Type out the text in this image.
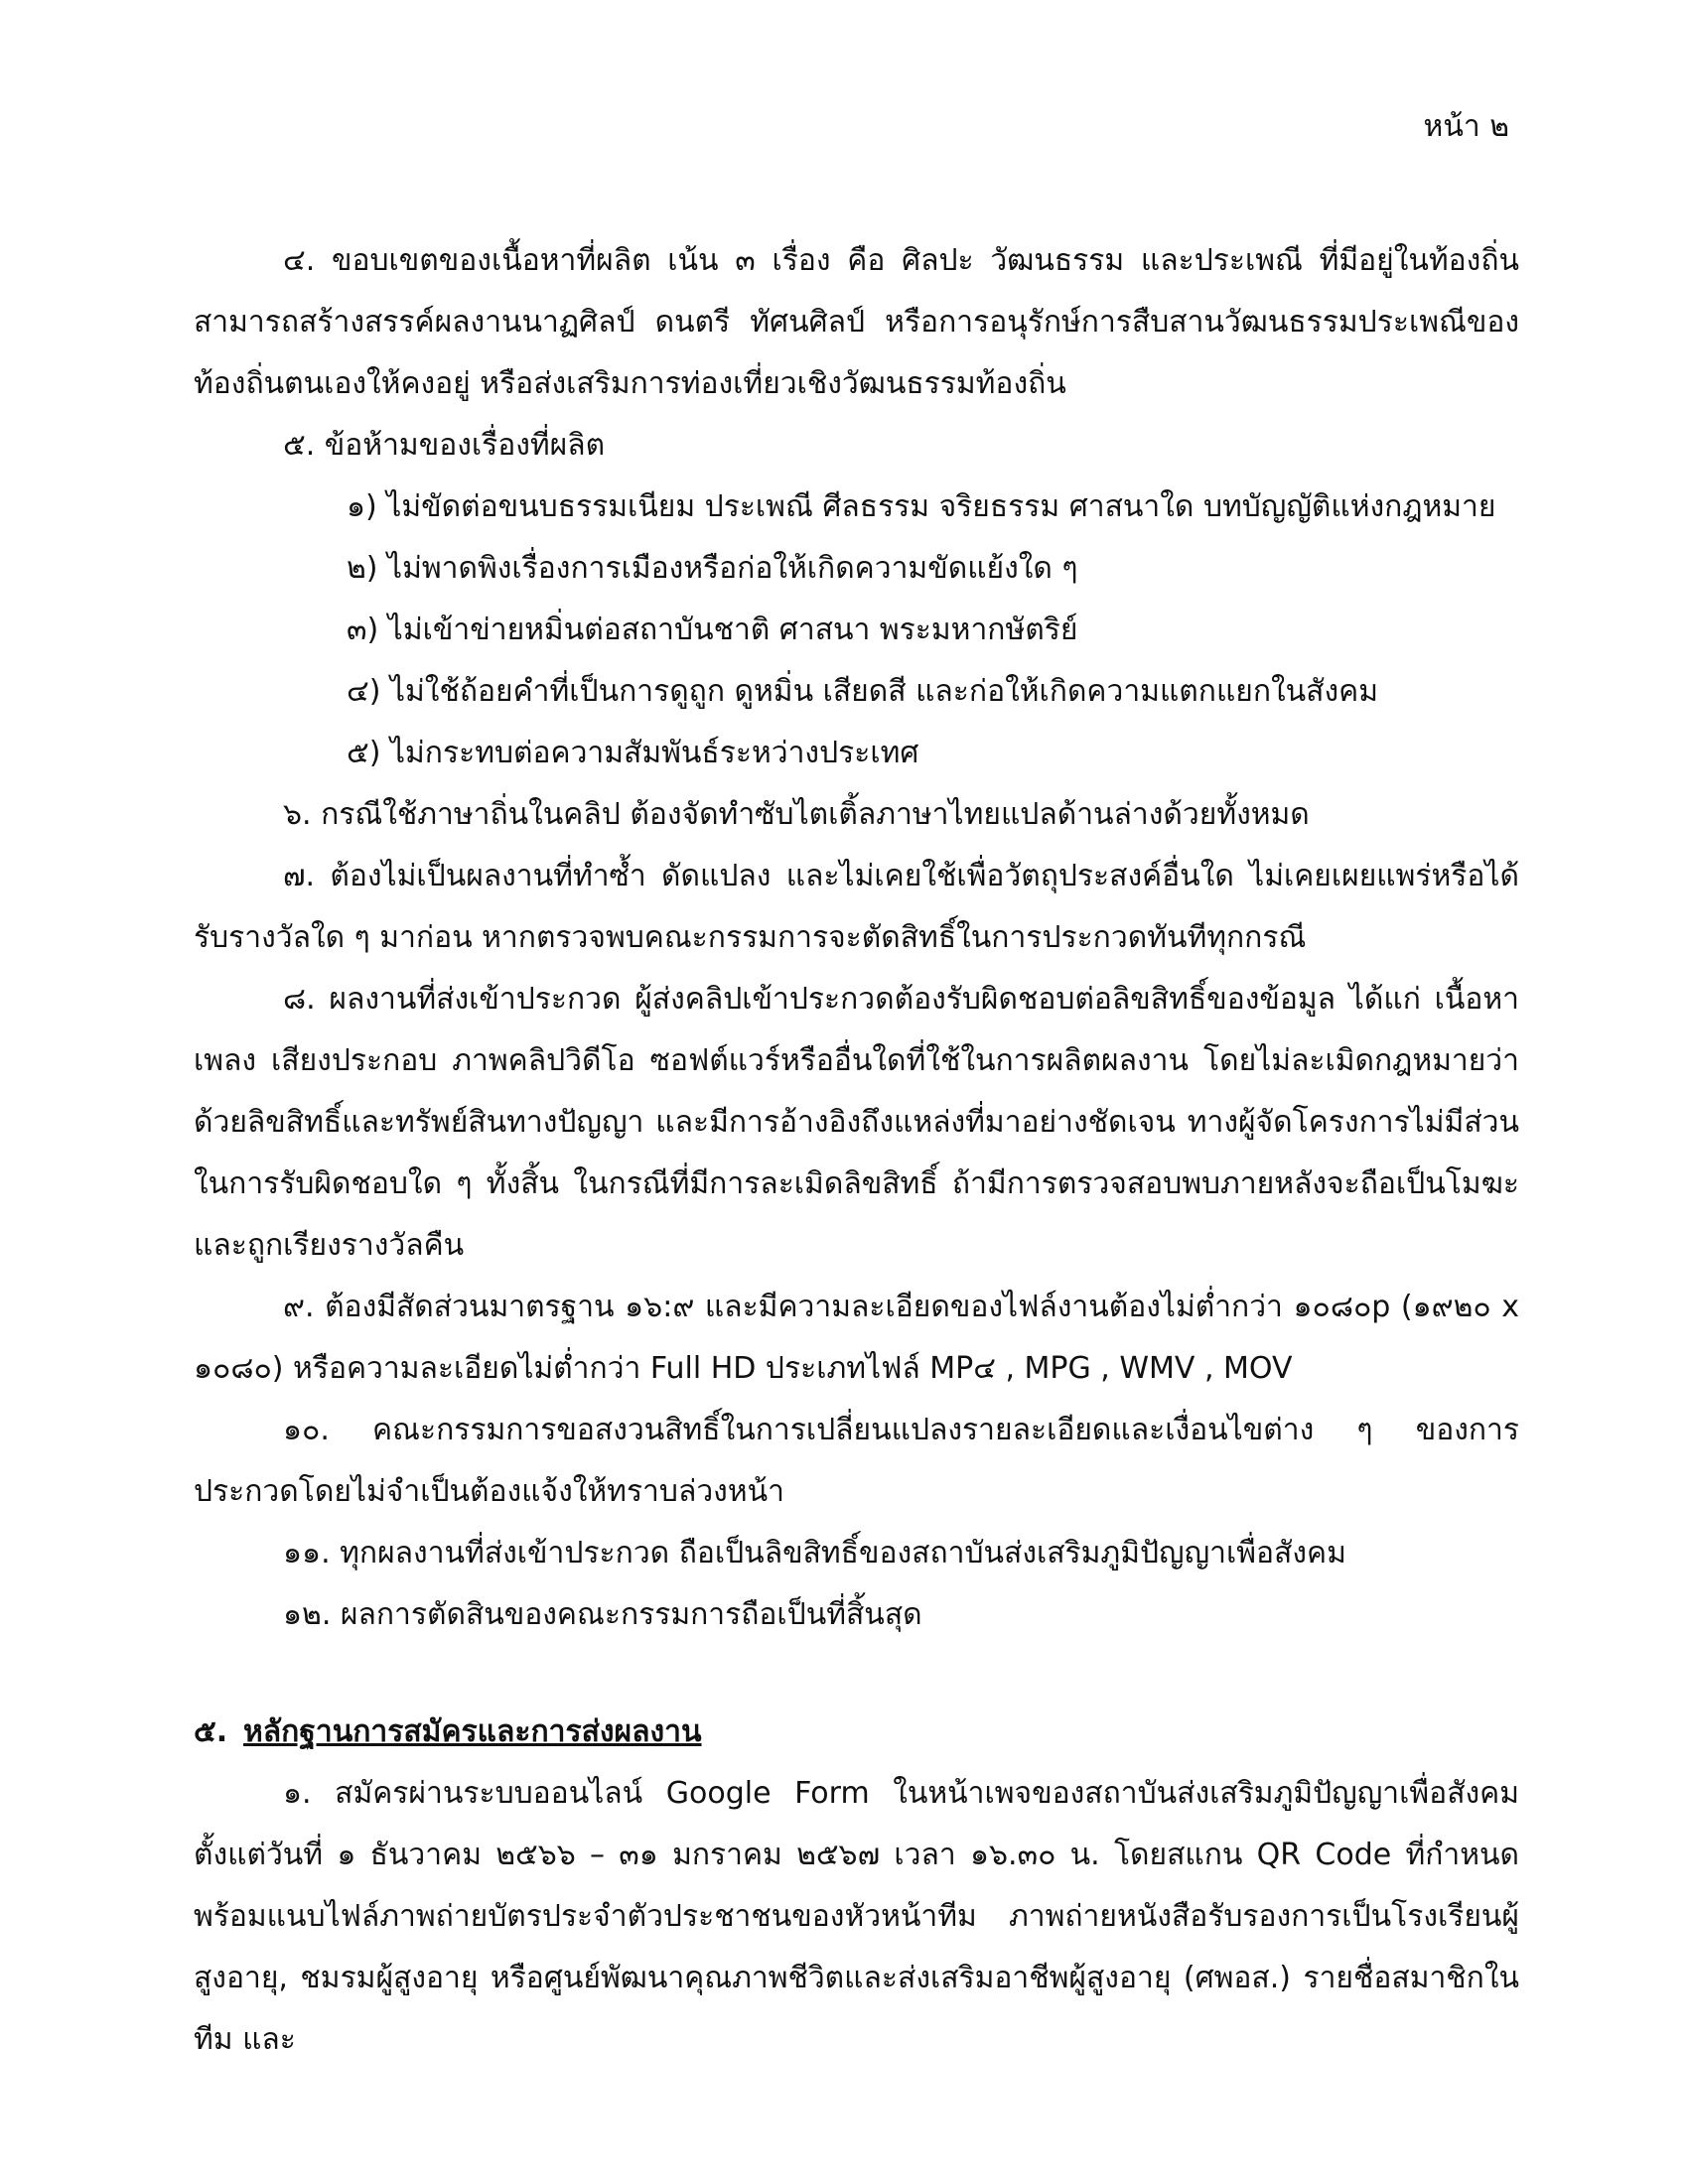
หน้า ๒

๔. ขอบเขตของเนื้อหาที่ผลิต เน้น ๓ เรื่อง คือ ศิลปะ วัฒนธรรม และประเพณี ที่มีอยู่ในท้องถิ่นสามารถสร้างสรรค์ผลงานนาฏศิลป์ ดนตรี ทัศนศิลป์ หรือการอนุรักษ์การสืบสานวัฒนธรรมประเพณีของท้องถิ่นตนเองให้คงอยู่ หรือส่งเสริมการท่องเที่ยวเชิงวัฒนธรรมท้องถิ่น

๕. ข้อห้ามของเรื่องที่ผลิต

๑) ไม่ขัดต่อขนบธรรมเนียม ประเพณี ศีลธรรม จริยธรรม ศาสนาใด บทบัญญัติแห่งกฎหมาย

๒) ไม่พาดพิงเรื่องการเมืองหรือก่อให้เกิดความขัดแย้งใด ๆ

๓) ไม่เข้าข่ายหมิ่นต่อสถาบันชาติ ศาสนา พระมหากษัตริย์

๔) ไม่ใช้ถ้อยคำที่เป็นการดูถูก ดูหมิ่น เสียดสี และก่อให้เกิดความแตกแยกในสังคม

๕) ไม่กระทบต่อความสัมพันธ์ระหว่างประเทศ

๖. กรณีใช้ภาษาถิ่นในคลิป ต้องจัดทำซับไตเติ้ลภาษาไทยแปลด้านล่างด้วยทั้งหมด

๗. ต้องไม่เป็นผลงานที่ทำซ้ำ ดัดแปลง และไม่เคยใช้เพื่อวัตถุประสงค์อื่นใด ไม่เคยเผยแพร่หรือได้รับรางวัลใด ๆ มาก่อน หากตรวจพบคณะกรรมการจะตัดสิทธิ์ในการประกวดทันทีทุกกรณี

๘. ผลงานที่ส่งเข้าประกวด ผู้ส่งคลิปเข้าประกวดต้องรับผิดชอบต่อลิขสิทธิ์ของข้อมูล ได้แก่ เนื้อหา เพลง เสียงประกอบ ภาพคลิปวิดีโอ ซอฟต์แวร์หรืออื่นใดที่ใช้ในการผลิตผลงาน โดยไม่ละเมิดกฎหมายว่าด้วยลิขสิทธิ์และทรัพย์สินทางปัญญา และมีการอ้างอิงถึงแหล่งที่มาอย่างชัดเจน ทางผู้จัดโครงการไม่มีส่วนในการรับผิดชอบใด ๆ ทั้งสิ้น ในกรณีที่มีการละเมิดลิขสิทธิ์ ถ้ามีการตรวจสอบพบภายหลังจะถือเป็นโมฆะและถูกเรียงรางวัลคืน

๙. ต้องมีสัดส่วนมาตรฐาน ๑๖:๙ และมีความละเอียดของไฟล์งานต้องไม่ต่ำกว่า ๑๐๘๐p (๑๙๒๐ x ๑๐๘๐) หรือความละเอียดไม่ต่ำกว่า Full HD ประเภทไฟล์ MP๔ , MPG , WMV , MOV

๑๐. คณะกรรมการขอสงวนสิทธิ์ในการเปลี่ยนแปลงรายละเอียดและเงื่อนไขต่าง ๆ ของการประกวดโดยไม่จำเป็นต้องแจ้งให้ทราบล่วงหน้า

๑๑. ทุกผลงานที่ส่งเข้าประกวด ถือเป็นลิขสิทธิ์ของสถาบันส่งเสริมภูมิปัญญาเพื่อสังคม

๑๒. ผลการตัดสินของคณะกรรมการถือเป็นที่สิ้นสุด

๕. หลักฐานการสมัครและการส่งผลงาน

๑. สมัครผ่านระบบออนไลน์ Google Form ในหน้าเพจของสถาบันส่งเสริมภูมิปัญญาเพื่อสังคม ตั้งแต่วันที่ ๑ ธันวาคม ๒๕๖๖ – ๓๑ มกราคม ๒๕๖๗ เวลา ๑๖.๓๐ น. โดยสแกน QR Code ที่กำหนด พร้อมแนบไฟล์ภาพถ่ายบัตรประจำตัวประชาชนของหัวหน้าทีม ภาพถ่ายหนังสือรับรองการเป็นโรงเรียนผู้สูงอายุ, ชมรมผู้สูงอายุ หรือศูนย์พัฒนาคุณภาพชีวิตและส่งเสริมอาชีพผู้สูงอายุ (ศพอส.) รายชื่อสมาชิกในทีม และ
